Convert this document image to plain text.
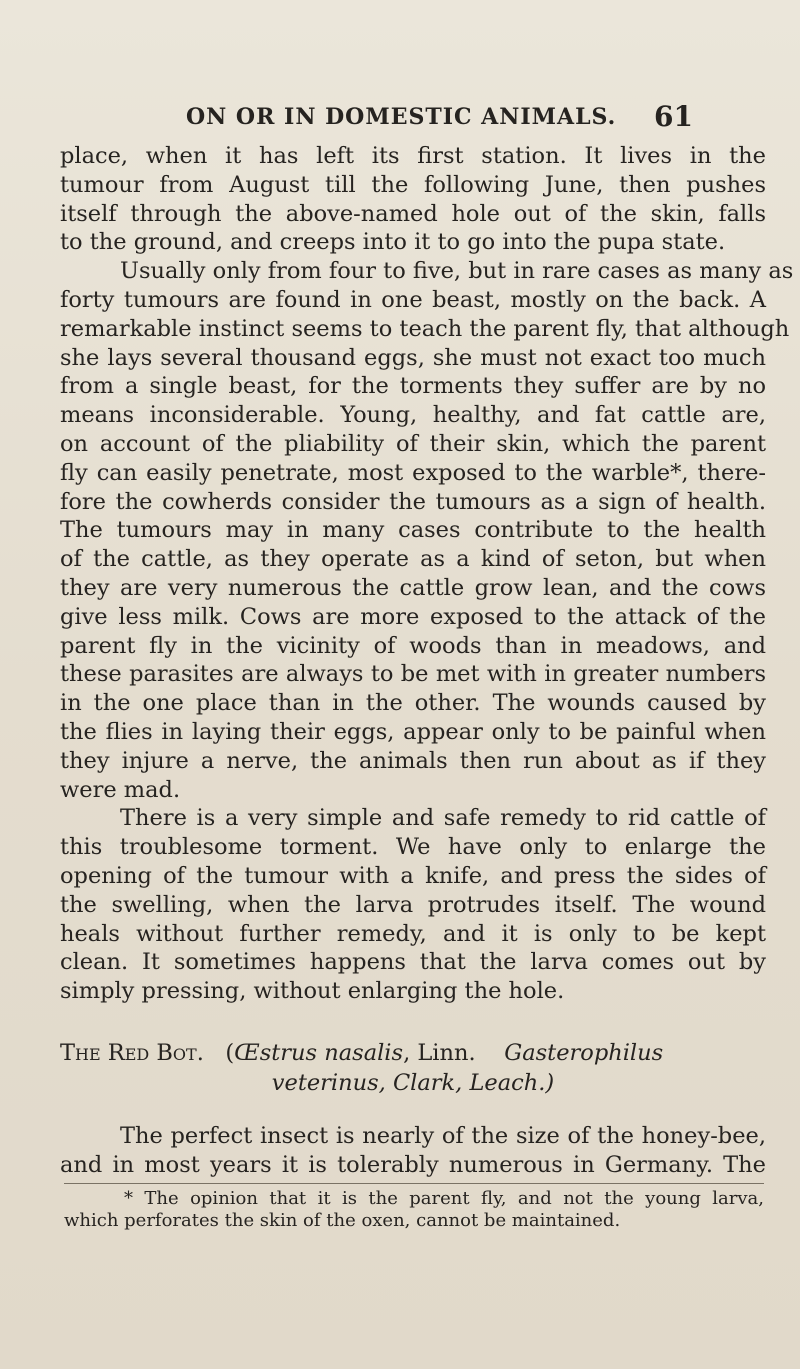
ON OR IN DOMESTIC ANIMALS. 61
place, when it has left its first station. It lives in the
tumour from August till the following June, then pushes
itself through the above-named hole out of the skin, falls
to the ground, and creeps into it to go into the pupa state.
Usually only from four to five, but in rare cases as many as
forty tumours are found in one beast, mostly on the back. A
remarkable instinct seems to teach the parent fly, that although
she lays several thousand eggs, she must not exact too much
from a single beast, for the torments they suffer are by no
means inconsiderable. Young, healthy, and fat cattle are,
on account of the pliability of their skin, which the parent
fly can easily penetrate, most exposed to the warble*, there-
fore the cowherds consider the tumours as a sign of health.
The tumours may in many cases contribute to the health
of the cattle, as they operate as a kind of seton, but when
they are very numerous the cattle grow lean, and the cows
give less milk. Cows are more exposed to the attack of the
parent fly in the vicinity of woods than in meadows, and
these parasites are always to be met with in greater numbers
in the one place than in the other. The wounds caused by
the flies in laying their eggs, appear only to be painful when
they injure a nerve, the animals then run about as if they
were mad.
There is a very simple and safe remedy to rid cattle of
this troublesome torment. We have only to enlarge the
opening of the tumour with a knife, and press the sides of
the swelling, when the larva protrudes itself. The wound
heals without further remedy, and it is only to be kept
clean. It sometimes happens that the larva comes out by
simply pressing, without enlarging the hole.
The Red Bot. (Œstrus nasalis, Linn. Gasterophilus
veterinus, Clark, Leach.)
The perfect insect is nearly of the size of the honey-bee,
and in most years it is tolerably numerous in Germany. The
* The opinion that it is the parent fly, and not the young larva,
which perforates the skin of the oxen, cannot be maintained.
